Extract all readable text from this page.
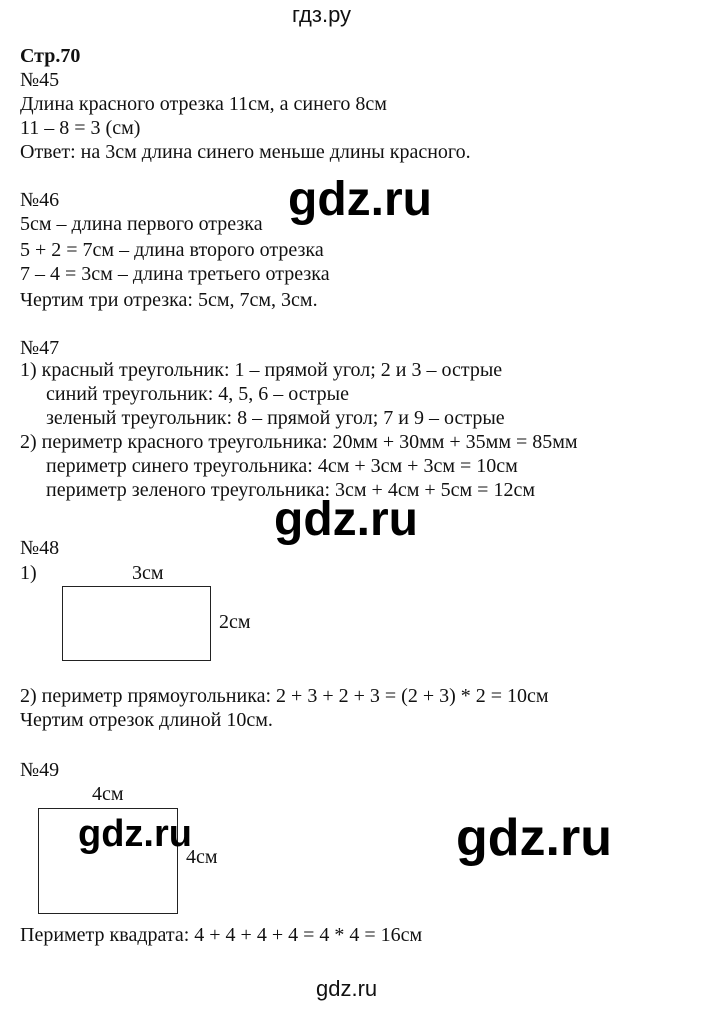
гдз.ру
Стр.70
№45
Длина красного отрезка 11см, а синего 8см
11 – 8 = 3 (см)
Ответ: на 3см длина синего меньше длины красного.
№46
5см – длина первого отрезка
5 + 2 = 7см – длина второго отрезка
7 – 4 = 3см – длина третьего отрезка
Чертим три отрезка: 5см, 7см, 3см.
№47
1) красный треугольник: 1 – прямой угол; 2 и 3 – острые
синий треугольник: 4, 5, 6 – острые
зеленый треугольник: 8 – прямой угол; 7 и 9 – острые
2) периметр красного треугольника: 20мм + 30мм + 35мм = 85мм
периметр синего треугольника: 4см + 3см + 3см = 10см
периметр зеленого треугольника: 3см + 4см + 5см = 12см
№48
1)	3см
2см
2) периметр прямоугольника: 2 + 3 + 2 + 3 = (2 + 3) * 2 = 10см
Чертим отрезок длиной 10см.
№49
4см
4см
Периметр квадрата: 4 + 4 + 4 + 4 = 4 * 4 = 16см
gdz.ru
gdz.ru
gdz.ru	gdz.ru
gdz.ru
